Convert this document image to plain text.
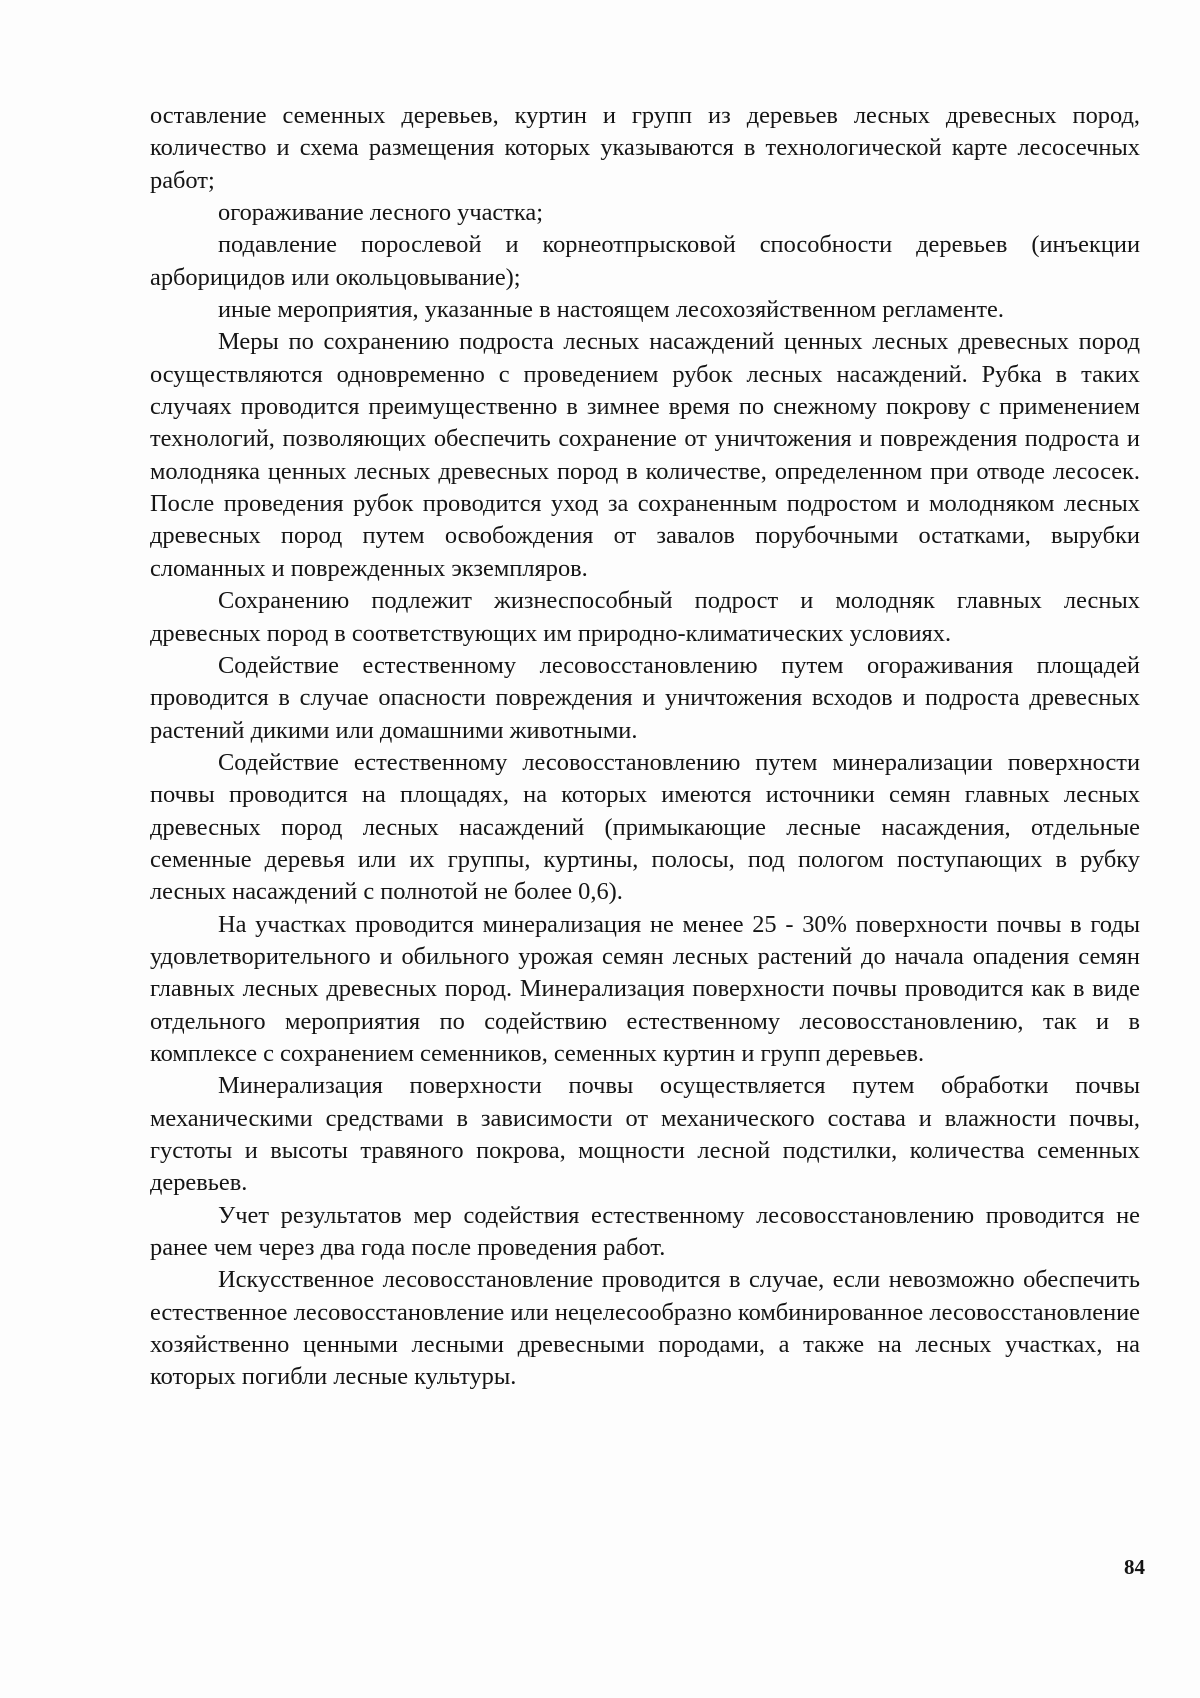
оставление семенных деревьев, куртин и групп из деревьев лесных древесных пород, количество и схема размещения которых указываются в технологической карте лесосечных работ;

огораживание лесного участка;

подавление порослевой и корнеотпрысковой способности деревьев (инъекции арборицидов или окольцовывание);

иные мероприятия, указанные в настоящем лесохозяйственном регламенте.

Меры по сохранению подроста лесных насаждений ценных лесных древесных пород осуществляются одновременно с проведением рубок лесных насаждений. Рубка в таких случаях проводится преимущественно в зимнее время по снежному покрову с применением технологий, позволяющих обеспечить сохранение от уничтожения и повреждения подроста и молодняка ценных лесных древесных пород в количестве, определенном при отводе лесосек. После проведения рубок проводится уход за сохраненным подростом и молодняком лесных древесных пород путем освобождения от завалов порубочными остатками, вырубки сломанных и поврежденных экземпляров.

Сохранению подлежит жизнеспособный подрост и молодняк главных лесных древесных пород в соответствующих им природно-климатических условиях.

Содействие естественному лесовосстановлению путем огораживания площадей проводится в случае опасности повреждения и уничтожения всходов и подроста древесных растений дикими или домашними животными.

Содействие естественному лесовосстановлению путем минерализации поверхности почвы проводится на площадях, на которых имеются источники семян главных лесных древесных пород лесных насаждений (примыкающие лесные насаждения, отдельные семенные деревья или их группы, куртины, полосы, под пологом поступающих в рубку лесных насаждений с полнотой не более 0,6).

На участках проводится минерализация не менее 25 - 30% поверхности почвы в годы удовлетворительного и обильного урожая семян лесных растений до начала опадения семян главных лесных древесных пород. Минерализация поверхности почвы проводится как в виде отдельного мероприятия по содействию естественному лесовосстановлению, так и в комплексе с сохранением семенников, семенных куртин и групп деревьев.

Минерализация поверхности почвы осуществляется путем обработки почвы механическими средствами в зависимости от механического состава и влажности почвы, густоты и высоты травяного покрова, мощности лесной подстилки, количества семенных деревьев.

Учет результатов мер содействия естественному лесовосстановлению проводится не ранее чем через два года после проведения работ.

Искусственное лесовосстановление проводится в случае, если невозможно обеспечить естественное лесовосстановление или нецелесообразно комбинированное лесовосстановление хозяйственно ценными лесными древесными породами, а также на лесных участках, на которых погибли лесные культуры.

84
